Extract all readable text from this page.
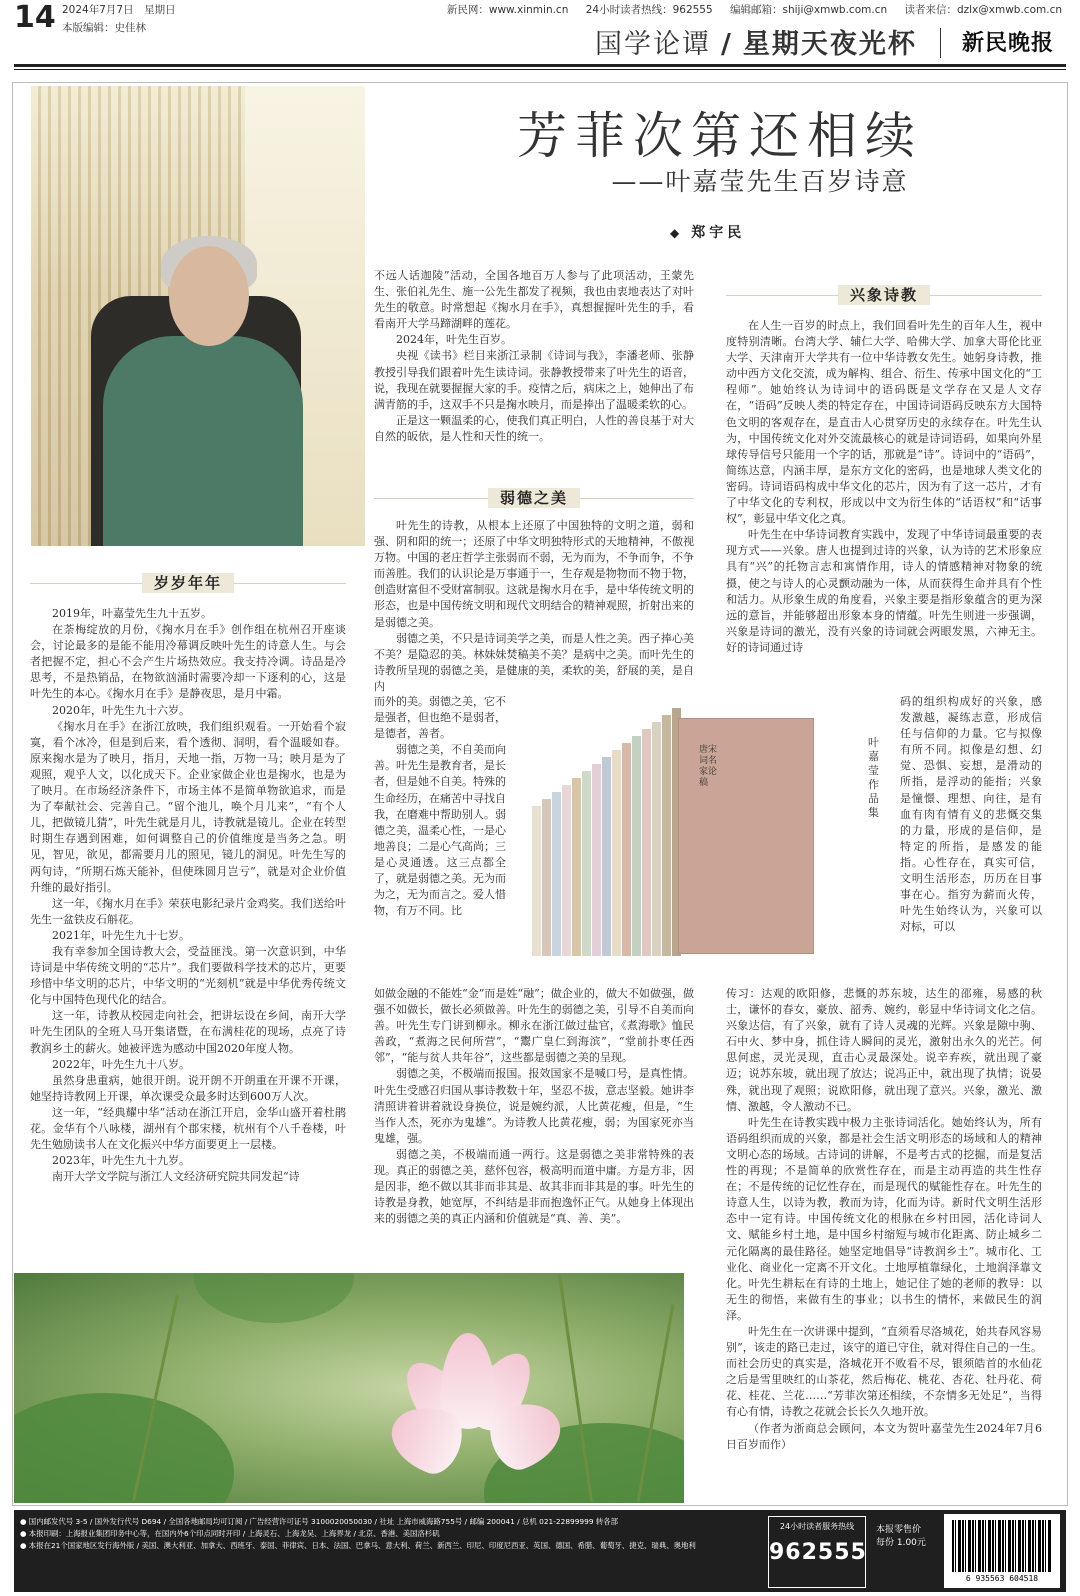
14 2024年7月7日　星期日
本版编辑：史佳林
新民网：www.xinmin.cn 24小时读者热线：962555 编辑邮箱：shiji@xmwb.com.cn 读者来信：dzlx@xmwb.com.cn
国学论谭 / 星期天夜光杯 新民晚报
芳菲次第还相续
——叶嘉莹先生百岁诗意
◆ 郑宇民
岁岁年年
弱德之美
兴象诗教

2019年，叶嘉莹先生九十五岁。

在荼梅绽放的月份，《掬水月在手》创作组在杭州召开座谈会，讨论最多的是能不能用冷幕调反映叶先生的诗意人生。与会者把握不定，担心不会产生片场热效应。我支持冷调。诗品是冷思考，不是热销品，在物欲汹涌时需要冷却一下逐利的心，这是叶先生的本心。《掬水月在手》是静夜思，是月中霜。

2020年，叶先生九十六岁。

《掬水月在手》在浙江放映，我们组织观看。一开始看个寂寞，看个冰冷，但是到后来，看个透彻、洞明，看个温暖如春。原来掬水是为了映月，指月，天地一指，万物一马；映月是为了观照，观乎人文，以化成天下。企业家做企业也是掬水，也是为了映月。在市场经济条件下，市场主体不是简单物欲追求，而是为了奉献社会、完善自己。“留个池儿，唤个月儿来”，“有个人儿，把做镜儿猜”，叶先生就是月儿，诗教就是镜儿。企业在转型时期生存遇到困难，如何调整自己的价值维度是当务之急。明见，智见，欲见，都需要月儿的照见，镜儿的洞见。叶先生写的两句诗，“所期石炼天能补，但使珠圆月岂亏”，就是对企业价值升维的最好指引。

这一年，《掬水月在手》荣获电影纪录片金鸡奖。我们送给叶先生一盆铁皮石斛花。

2021年，叶先生九十七岁。

我有幸参加全国诗教大会，受益匪浅。第一次意识到，中华诗词是中华传统文明的“芯片”。我们要做科学技术的芯片，更要珍惜中华文明的芯片，中华文明的“光刻机”就是中华优秀传统文化与中国特色现代化的结合。

这一年，诗教从校园走向社会，把讲坛设在乡间，南开大学叶先生团队的全班人马开集诸暨，在布满桂花的现场，点亮了诗教润乡土的薪火。她被评选为感动中国2020年度人物。

2022年，叶先生九十八岁。

虽然身患重病，她很开朗。说开朗不开朗重在开课不开课，她坚持诗教网上开课，单次课受众最多时达到600万人次。

这一年，“经典耀中华”活动在浙江开启，金华山盛开着杜鹃花。金华有个八咏楼，湖州有个郡宋楼，杭州有个八千卷楼，叶先生勉励读书人在文化振兴中华方面要更上一层楼。

2023年，叶先生九十九岁。

南开大学文学院与浙江人文经济研究院共同发起“诗

不远人话迦陵”活动，全国各地百万人参与了此项活动，王蒙先生、张伯礼先生、施一公先生都发了视频，我也由衷地表达了对叶先生的敬意。时常想起《掬水月在手》，真想握握叶先生的手，看看南开大学马蹄湖畔的莲花。

2024年，叶先生百岁。

央视《读书》栏目来浙江录制《诗词与我》，李潘老师、张静教授引导我们跟着叶先生读诗词。张静教授带来了叶先生的语音，说，我现在就要握握大家的手。疫情之后，病床之上，她伸出了布满青筋的手，这双手不只是掬水映月，而是捧出了温暖柔软的心。

正是这一颗温柔的心，使我们真正明白，人性的善良基于对大自然的皈依，是人性和天性的统一。

叶先生的诗教，从根本上还原了中国独特的文明之道，弱和强、阴和阳的统一；还原了中华文明独特形式的天地精神，不傲视万物。中国的老庄哲学主张弱而不弱，无为而为，不争而争，不争而善胜。我们的认识论是万事通于一，生存观是物物而不物于物，创造财富但不受财富制驭。这就是掬水月在手，是中华传统文明的形态，也是中国传统文明和现代文明结合的精神观照，折射出来的是弱德之美。

弱德之美，不只是诗词美学之美，而是人性之美。西子捧心美不美？是隐忍的美。林妹妹焚稿美不美？是病中之美。而叶先生的诗教所呈现的弱德之美，是健康的美，柔软的美，舒展的美，是自内

而外的美。弱德之美，它不是强者，但也绝不是弱者，是德者，善者。

弱德之美，不自美而向善。叶先生是教育者，是长者，但是她不自美。特殊的生命经历，在痛苦中寻找自我，在磨难中帮助别人。弱德之美，温柔心性，一是心地善良；二是心气高尚；三是心灵通透。这三点都全了，就是弱德之美。无为而为之，无为而言之。爱人惜物，有万不同。比

如做金融的不能姓“金”而是姓“融”；做企业的，做大不如做强，做强不如做长，做长必须做善。叶先生的弱德之美，引导不自美而向善。叶先生专门讲到柳永。柳永在浙江做过盐官，《煮海歌》恤民善政，“煮海之民何所营”，“鬻广皇仁到海滨”，“堂前扑枣任西邻”，“能与贫人共年谷”，这些都是弱德之美的呈现。

弱德之美，不极端而报国。报效国家不是喊口号，是真性情。叶先生受感召归国从事诗教数十年，坚忍不拔，意志坚毅。她讲李清照讲着讲着就设身换位，说是婉约派，人比黄花瘦，但是，“生当作人杰，死亦为鬼雄”。为诗教人比黄花瘦，弱；为国家死亦当鬼雄，强。

弱德之美，不极端而通一两行。这是弱德之美非常特殊的表现。真正的弱德之美，慈怀包容，极高明而道中庸。方是方非，因是因非，绝不做以其非而非其是、故其非而非其是的事。叶先生的诗教是身教，她宽厚，不纠结是非而抱逸怀正气。从她身上体现出来的弱德之美的真正内涵和价值就是“真、善、美”。

在人生一百岁的时点上，我们回看叶先生的百年人生，视中度特别清晰。台湾大学、辅仁大学、哈佛大学、加拿大哥伦比亚大学、天津南开大学共有一位中华诗教女先生。她躬身诗教，推动中西方文化交流，成为解构、组合、衍生、传承中国文化的“工程师”。她始终认为诗词中的语码既是文学存在又是人文存在，“语码”反映人类的特定存在，中国诗词语码反映东方大国特色文明的客观存在，是直击人心贯穿历史的永续存在。叶先生认为，中国传统文化对外交流最核心的就是诗词语码，如果向外星球传导信号只能用一个字的话，那就是“诗”。诗词中的“语码”，简练达意，内涵丰厚，是东方文化的密码，也是地球人类文化的密码。诗词语码构成中华文化的芯片，因为有了这一芯片，才有了中华文化的专利权，形成以中文为衍生体的“话语权”和“话事权”，彰显中华文化之真。

叶先生在中华诗词教育实践中，发现了中华诗词最重要的表现方式——兴象。唐人也提到过诗的兴象，认为诗的艺术形象应具有“兴”的托物言志和寓情作用，诗人的情感精神对物象的统摄，使之与诗人的心灵颤动融为一体，从而获得生命并具有个性和活力。从形象生成的角度看，兴象主要是指形象蕴含的更为深远的意旨，并能够超出形象本身的情蕴。叶先生则进一步强调，兴象是诗词的激光，没有兴象的诗词就会两眼发黑，六神无主。好的诗词通过诗

码的组织构成好的兴象，感发激越，凝练志意，形成信任与信仰的力量。它与拟像有所不同。拟像是幻想、幻觉、恐惧、妄想，是滑动的所指，是浮动的能指；兴象是憧憬、理想、向往，是有血有肉有情有义的悲慨交集的力量，形成的是信仰，是特定的所指，是感发的能指。心性存在，真实可信，文明生活形态，历历在目事事在心。指穷为薪而火传，叶先生始终认为，兴象可以对标，可以

传习：达观的欧阳修，悲慨的苏东坡，达生的邵雍，易感的秋士，谦怀的春女，豪放、韶秀、婉约，彰显中华诗词文化之信。兴象达信，有了兴象，就有了诗人灵魂的光辉。兴象是隙中驹、石中火、梦中身，抓住诗人瞬间的灵光，激射出永久的光芒。何思何虑，灵光灵现，直击心灵最深处。说辛弃疾，就出现了豪迈；说苏东坡，就出现了放达；说冯正中，就出现了执情；说晏殊，就出现了观照；说欧阳修，就出现了意兴。兴象，激光、激情、激越，令人激动不已。

叶先生在诗教实践中极力主张诗词活化。她始终认为，所有语码组织而成的兴象，都是社会生活文明形态的场域和人的精神文明心态的场域。古诗词的讲解，不是考古式的挖掘，而是复活性的再现；不是简单的欣赏性存在，而是主动再造的共生性存在；不是传统的记忆性存在，而是现代的赋能性存在。叶先生的诗意人生，以诗为教，教而为诗，化而为诗。新时代文明生活形态中一定有诗。中国传统文化的根脉在乡村田园，活化诗词人文、赋能乡村土地，是中国乡村缩短与城市化距离、防止城乡二元化隔离的最佳路径。她坚定地倡导“诗教润乡土”。城市化、工业化、商业化一定离不开文化。土地厚植靠绿化，土地润泽靠文化。叶先生耕耘在有诗的土地上，她记住了她的老师的教导：以无生的彻悟，来做有生的事业；以书生的情怀，来做民生的润泽。

叶先生在一次讲课中提到，“直须看尽洛城花，始共春风容易别”，该走的路已走过，该守的道已守住，就对得住自己的一生。而社会历史的真实是，洛城花开不败看不尽，银须皓首的水仙花之后是雪里映红的山茶花，然后梅花、桃花、杏花、牡丹花、荷花、桂花、兰花……“芳菲次第还相续，不奈情多无处足”，当得有心有情，诗教之花就会长长久久地开放。

（作者为浙商总会顾问，本文为贺叶嘉莹先生2024年7月6日百岁而作）

唐宋词名家论稿
叶嘉莹作品集
● 国内邮发代号 3-5 / 国外发行代号 D694 / 全国各地邮局均可订阅 / 广告经营许可证号 3100020050030 / 社址 上海市威海路755号 / 邮编 200041 / 总机 021-22899999 转各部
● 本报印刷：上海报业集团印务中心等，在国内外6个印点同时开印 / 上海灵石、上海龙吴、上海界龙 / 北京、香港、美国洛杉矶
● 本报在21个国家地区发行海外版 / 美国、澳大利亚、加拿大、西班牙、泰国、菲律宾、日本、法国、巴拿马、意大利、荷兰、新西兰、印尼、印度尼西亚、英国、德国、希腊、葡萄牙、捷克、瑞典、奥地利
24小时读者服务热线
962555
本报零售价
每份 1.00元
6 935563 604518
